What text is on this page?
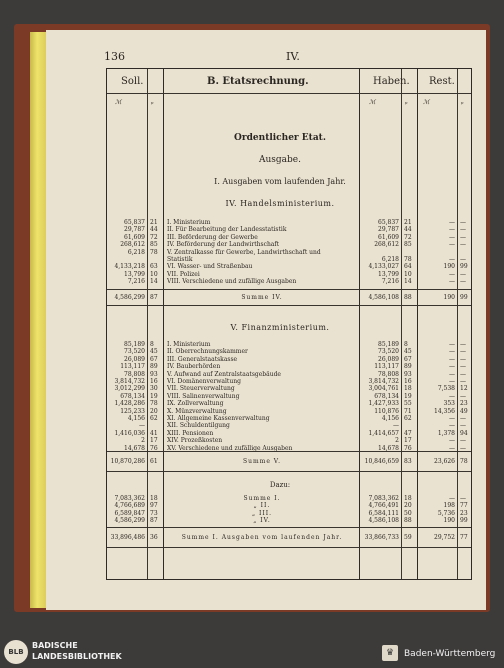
136	IV.
Soll.	B. Etatsrechnung.	Haben. Rest.
ℳ	ₚ	ℳ	ₚ	ℳ	ₚ
Ordentlicher Etat.
Ausgabe.
I. Ausgaben vom laufenden Jahr.
IV. Handelsministerium.
V. Finanzministerium.
Dazu:
65,837 21 I. Ministerium	65,837 21	— —
29,787 44 II. Für Bearbeitung der Landesstatistik	29,787 44	— —
61,609 72 III. Beförderung der Gewerbe	61,609 72	— —
268,612 85 IV. Beförderung der Landwirthschaft	268,612 85	— —
6,218 78 V. Zentralkasse für Gewerbe, Landwirthschaft und
Statistik	6,218 78	— —
4,133,218 63 VI. Wasser- und Straßenbau	4,133,027 64	190 99
13,799 10 VII. Polizei	13,799 10	— —
7,216 14 VIII. Verschiedene und zufällige Ausgaben	7,216 14	— —
4,586,299 87	Summe IV.	4,586,108 88	190 99
85,189 8 I. Ministerium	85,189 8	— —
73,520 45 II. Oberrechnungskammer	73,520 45	— —
26,089 67 III. Generalstaatskasse	26,089 67	— —
113,117 89 IV. Bauberhörden	113,117 89	— —
78,808 93 V. Aufwand auf Zentralstaatsgebäude	78,808 93	— —
3,814,732 16 VI. Domänenverwaltung	3,814,732 16	— —
3,012,299 30 VII. Steuerverwaltung	3,004,761 18	7,538 12
678,134 19 VIII. Salinenverwaltung	678,134 19	— —
1,428,286 78 IX. Zollverwaltung	1,427,933 55	353 23
125,233 20 X. Münzverwaltung	110,876 71	14,356 49
4,156 62 XI. Allgemeine Kassenverwaltung	4,156 62	— —
—	XII. Schuldentilgung	—	— —
1,416,036 41 XIII. Pensionen	1,414,657 47	1,378 94
2 17 XIV. Prozeßkosten	2 17	— —
14,678 76 XV. Verschiedene und zufällige Ausgaben	14,678 76	— —
10,870,286 61	Summe V.	10,846,659 83	23,626 78
7,083,362 18	Summe I.	7,083,362 18	— —
4,766,689 97	„ II.	4,766,491 20	198 77
6,589,847 73	„ III.	6,584,111 50	5,736 23
4,586,299 87	„ IV.	4,586,108 88	190 99
33,896,486 36	Summe I. Ausgaben vom laufenden Jahr.	33,866,733 59	29,752 77
BLB
BADISCHE
LANDESBIBLIOTHEK	♛	Baden-Württemberg
